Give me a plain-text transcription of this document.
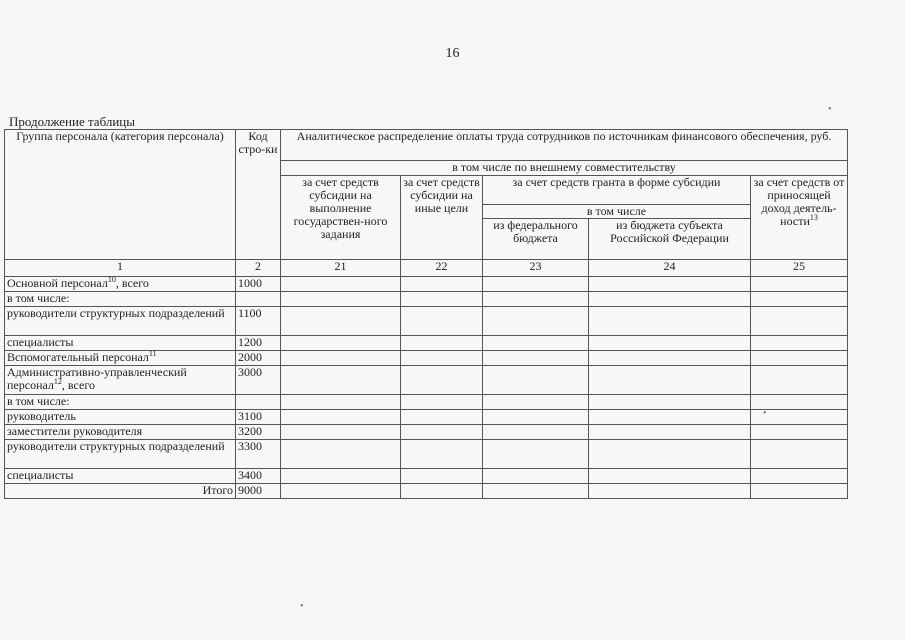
16
Продолжение таблицы
Группа персонала (категория персонала)	Код стро-ки	Аналитическое распределение оплаты труда сотрудников по источникам финансового обеспечения, руб.				
		в том числе по внешнему совместительству				
		за счет средств субсидии на выполнение государствен-ного задания	за счет средств субсидии на иные цели	за счет средств гранта в форме субсидии		за счет средств от приносящей доход деятель-ности$^{13}$
				в том числе		
				из федерального бюджета	из бюджета субъекта Российской Федерации	
1	2	21	22	23	24	25
Основной персонал$^{10}$, всего	1000					
в том числе:						
руководители структурных подразделений	1100					
специалисты	1200					
Вспомогательный персонал$^{11}$	2000					
Административно-управленческий персонал$^{12}$, всего	3000					
в том числе:						
руководитель	3100					
заместители руководителя	3200					
руководители структурных подразделений	3300					
специалисты	3400					
Итого	9000					
•
•
•
